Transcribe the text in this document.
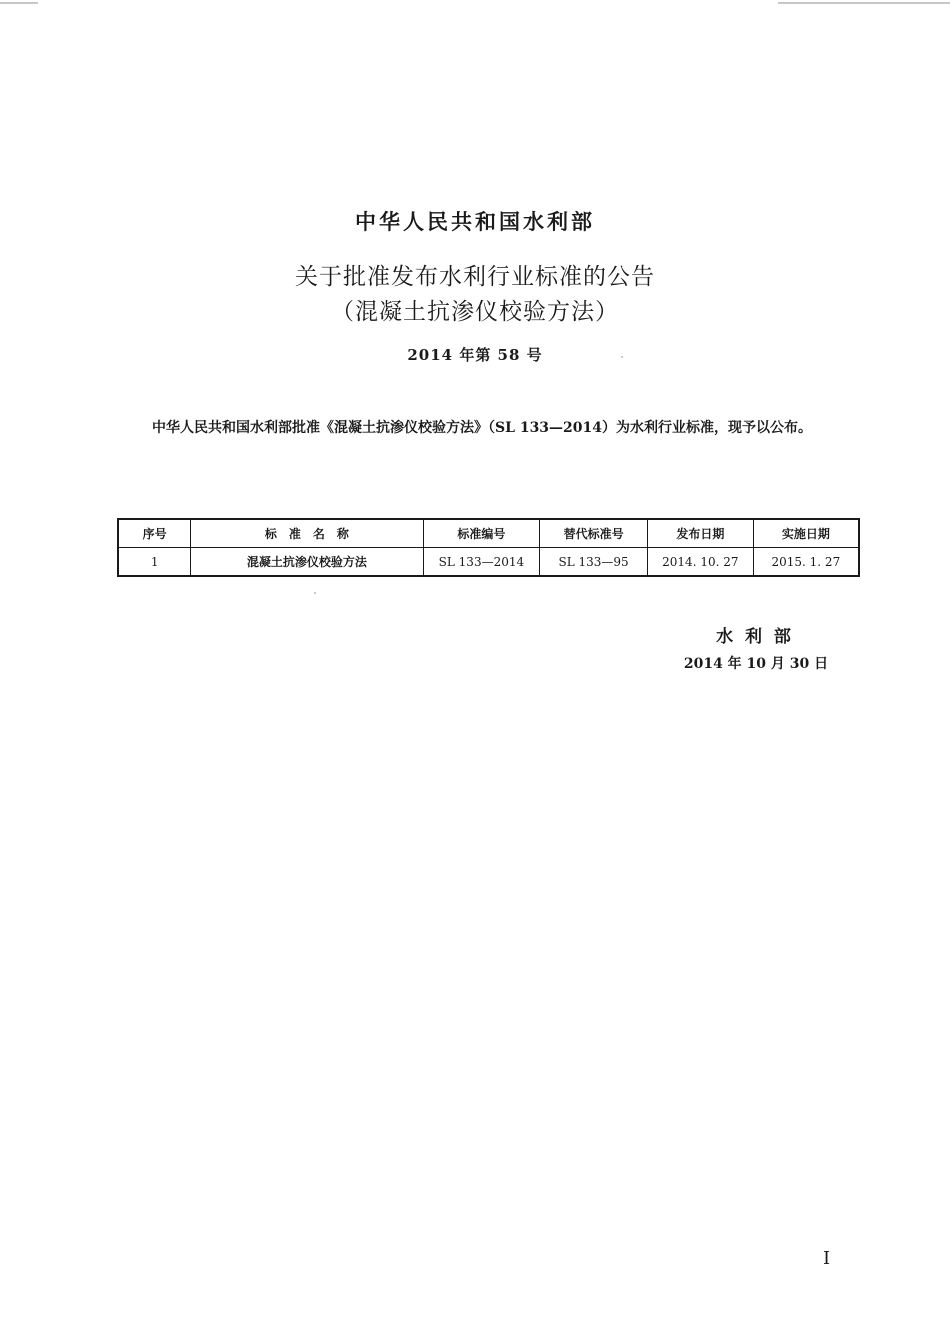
中华人民共和国水利部
关于批准发布水利行业标准的公告
（混凝土抗渗仪校验方法）
2014 年第 58 号
中华人民共和国水利部批准《混凝土抗渗仪校验方法》（SL 133—2014）为水利行业标准，现予以公布。
序号	标　准　名　称	标准编号	替代标准号	发布日期	实施日期
1	混凝土抗渗仪校验方法	SL 133—2014	SL 133—95	2014. 10. 27	2015. 1. 27
水 利 部
2014 年 10 月 30 日
I
